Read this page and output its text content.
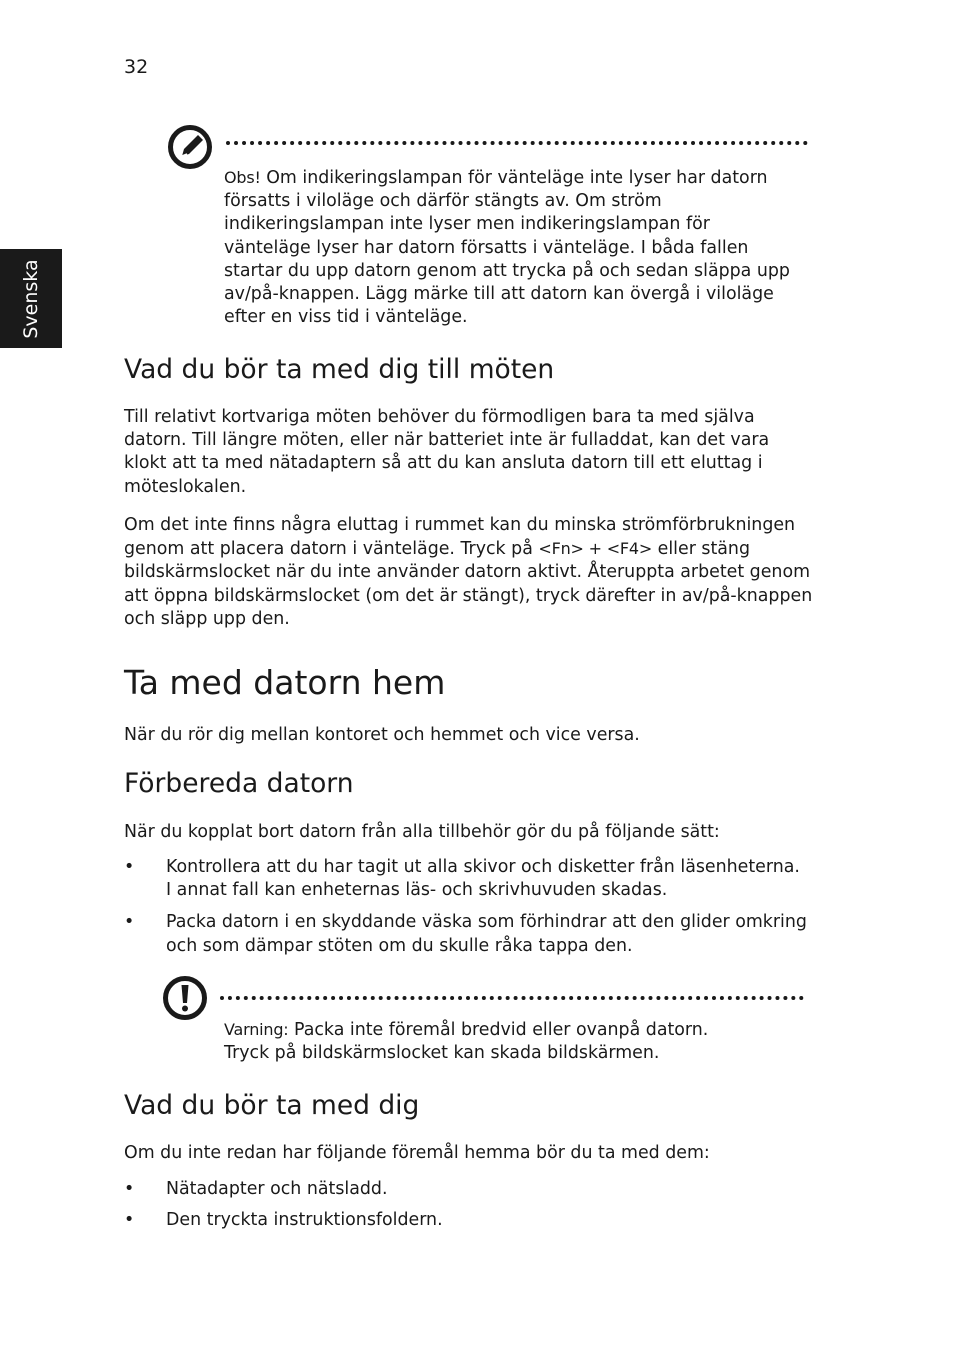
32
Svenska

Obs! Om indikeringslampan för vänteläge inte lyser har datorn

försatts i viloläge och därför stängts av. Om ström

indikeringslampan inte lyser men indikeringslampan för

vänteläge lyser har datorn försatts i vänteläge. I båda fallen

startar du upp datorn genom att trycka på och sedan släppa upp

av/på-knappen. Lägg märke till att datorn kan övergå i viloläge

efter en viss tid i vänteläge.

Vad du bör ta med dig till möten

Till relativt kortvariga möten behöver du förmodligen bara ta med själva

datorn. Till längre möten, eller när batteriet inte är fulladdat, kan det vara

klokt att ta med nätadaptern så att du kan ansluta datorn till ett eluttag i

möteslokalen.

Om det inte finns några eluttag i rummet kan du minska strömförbrukningen

genom att placera datorn i vänteläge. Tryck på <Fn> + <F4> eller stäng

bildskärmslocket när du inte använder datorn aktivt. Återuppta arbetet genom

att öppna bildskärmslocket (om det är stängt), tryck därefter in av/på-knappen

och släpp upp den.

Ta med datorn hem

När du rör dig mellan kontoret och hemmet och vice versa.

Förbereda datorn

När du kopplat bort datorn från alla tillbehör gör du på följande sätt:

• Kontrollera att du har tagit ut alla skivor och disketter från läsenheterna.

I annat fall kan enheternas läs- och skrivhuvuden skadas.

• Packa datorn i en skyddande väska som förhindrar att den glider omkring

och som dämpar stöten om du skulle råka tappa den.

Varning: Packa inte föremål bredvid eller ovanpå datorn.

Tryck på bildskärmslocket kan skada bildskärmen.

Vad du bör ta med dig

Om du inte redan har följande föremål hemma bör du ta med dem:

• Nätadapter och nätsladd.

• Den tryckta instruktionsfoldern.
